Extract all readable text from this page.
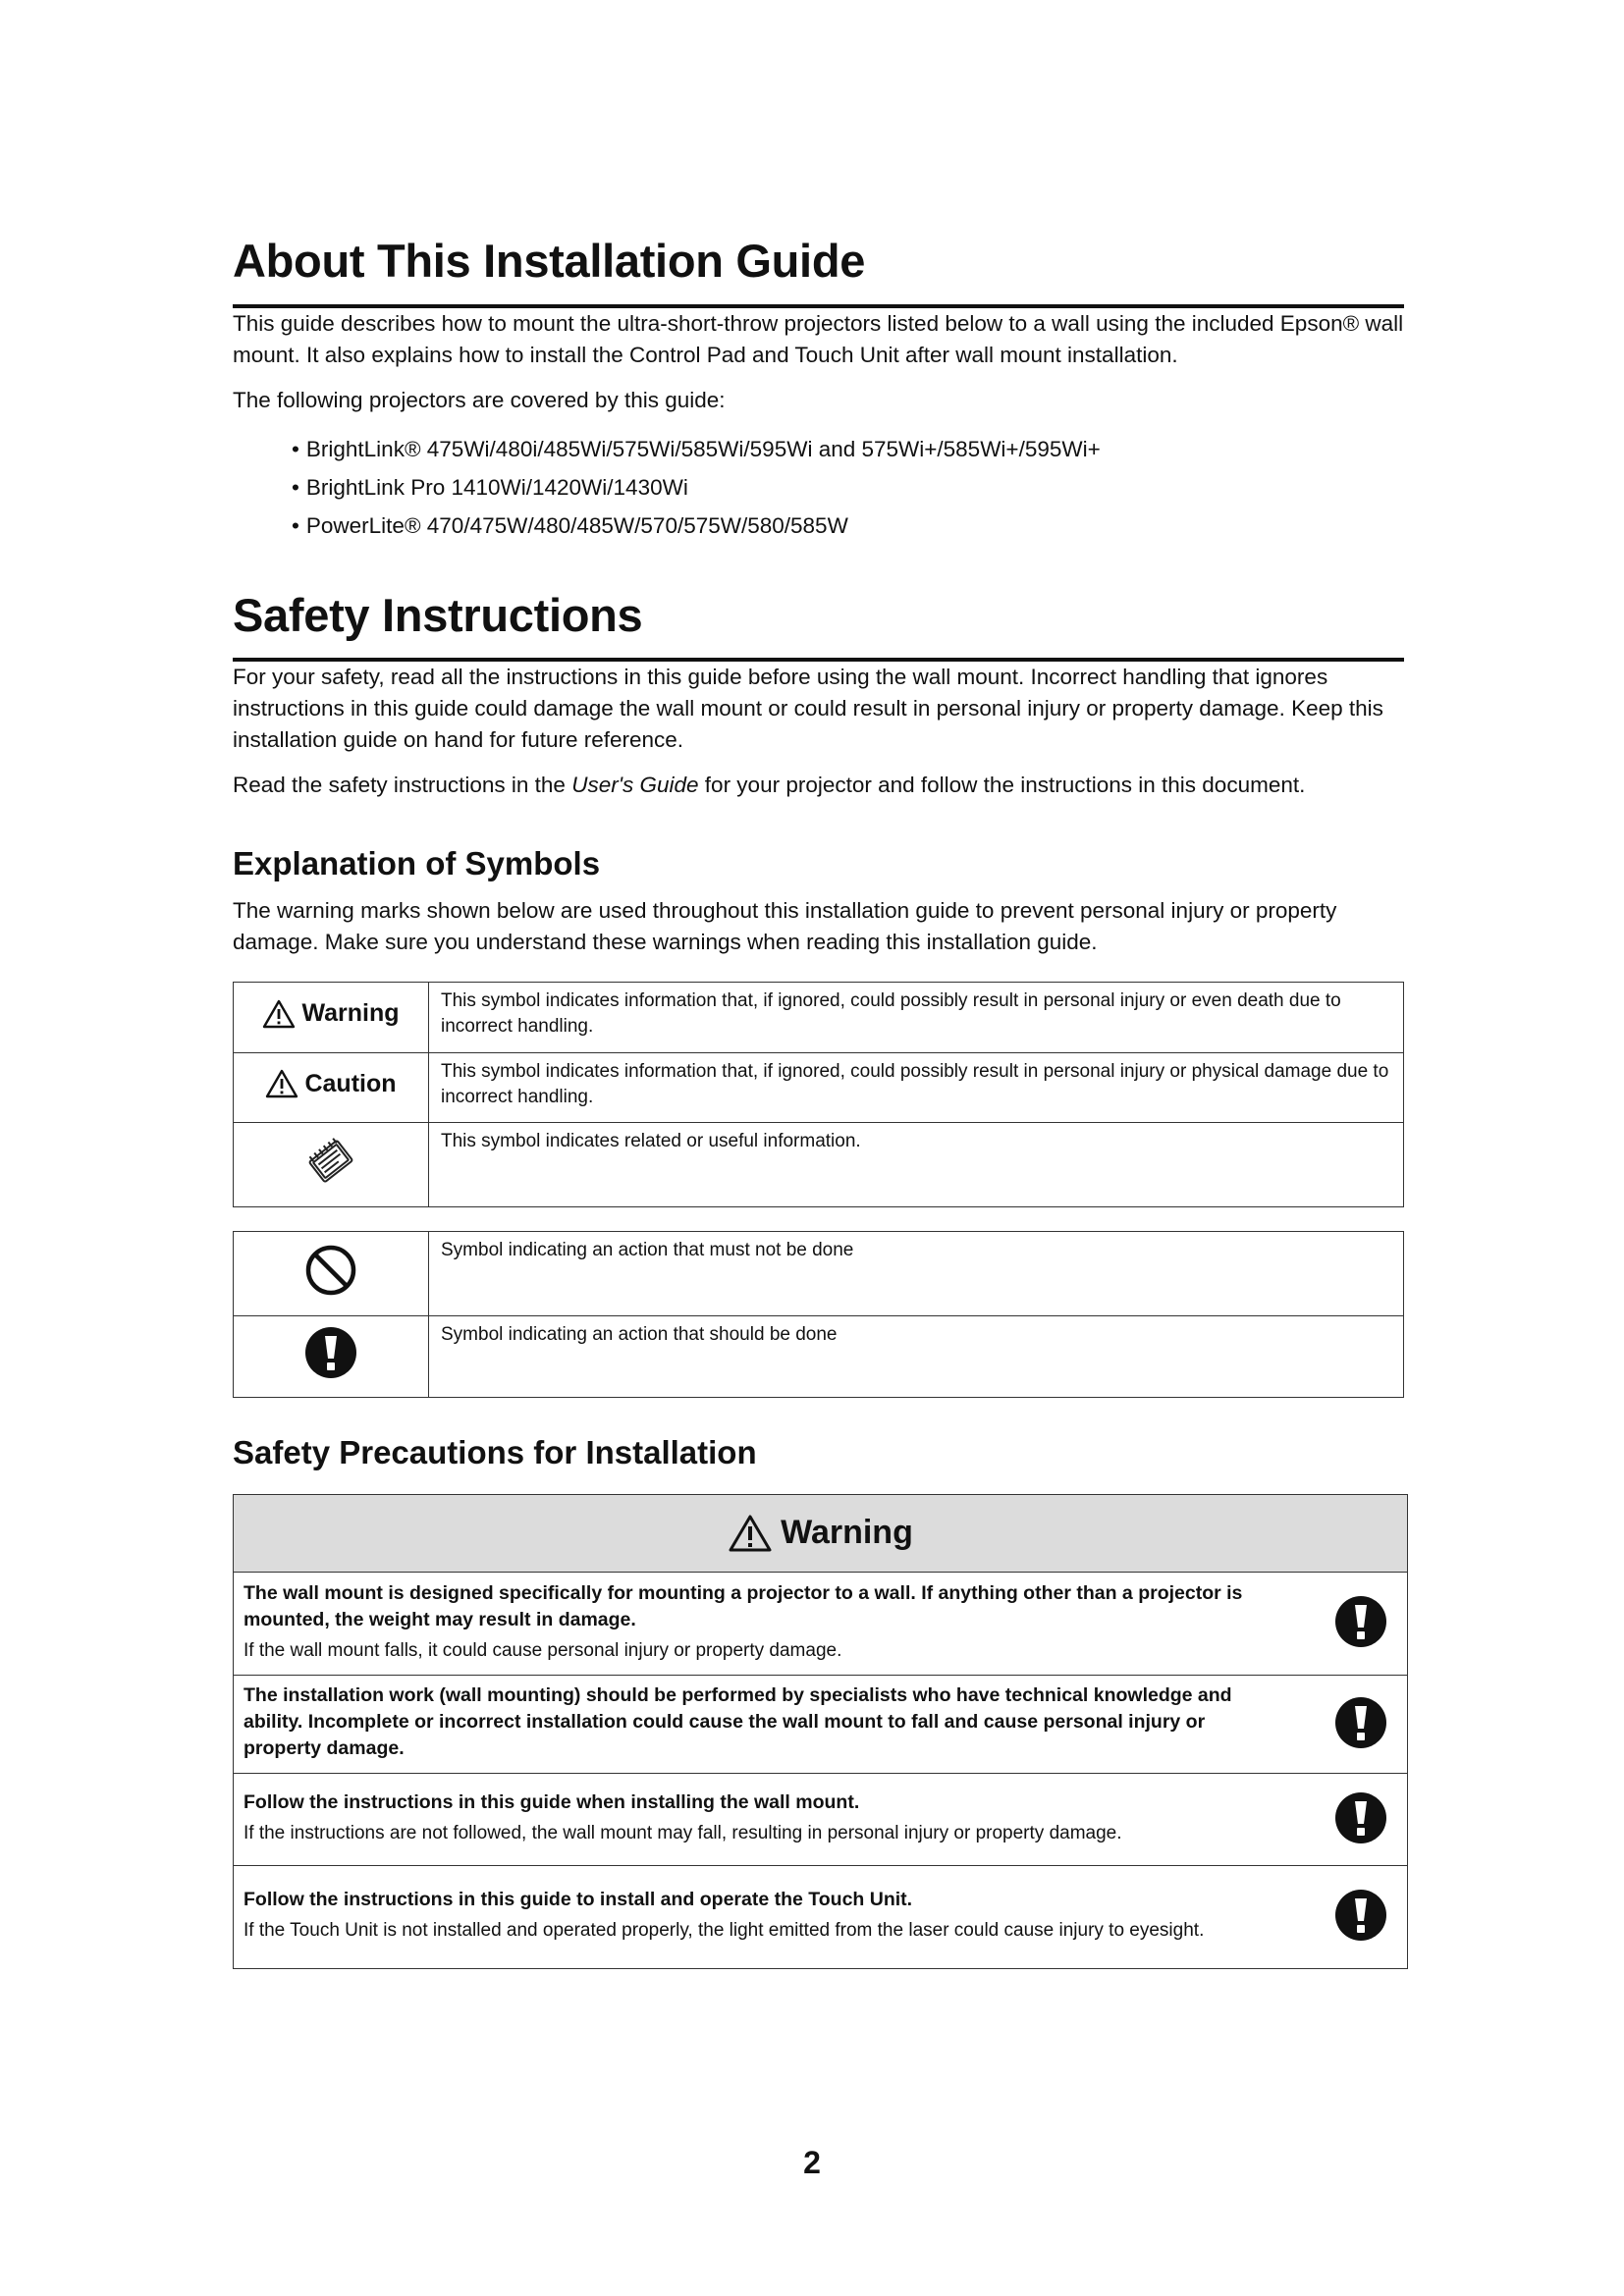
About This Installation Guide

This guide describes how to mount the ultra-short-throw projectors listed below to a wall using the included Epson® wall mount. It also explains how to install the Control Pad and Touch Unit after wall mount installation.

The following projectors are covered by this guide:

• BrightLink® 475Wi/480i/485Wi/575Wi/585Wi/595Wi and 575Wi+/585Wi+/595Wi+
• BrightLink Pro 1410Wi/1420Wi/1430Wi
• PowerLite® 470/475W/480/485W/570/575W/580/585W
Safety Instructions

For your safety, read all the instructions in this guide before using the wall mount. Incorrect handling that ignores instructions in this guide could damage the wall mount or could result in personal injury or property damage. Keep this installation guide on hand for future reference.

Read the safety instructions in the User's Guide for your projector and follow the instructions in this document.

Explanation of Symbols

The warning marks shown below are used throughout this installation guide to prevent personal injury or property damage. Make sure you understand these warnings when reading this installation guide.

Warning	This symbol indicates information that, if ignored, could possibly result in personal injury or even death due to incorrect handling.

Caution	This symbol indicates information that, if ignored, could possibly result in personal injury or physical damage due to incorrect handling.
	This symbol indicates related or useful information.
	Symbol indicating an action that must not be done
	Symbol indicating an action that should be done
Safety Precautions for Installation
Warning
The wall mount is designed specifically for mounting a projector to a wall. If anything other than a projector is mounted, the weight may result in damage.
If the wall mount falls, it could cause personal injury or property damage.
The installation work (wall mounting) should be performed by specialists who have technical knowledge and ability. Incomplete or incorrect installation could cause the wall mount to fall and cause personal injury or property damage.
Follow the instructions in this guide when installing the wall mount.
If the instructions are not followed, the wall mount may fall, resulting in personal injury or property damage.
Follow the instructions in this guide to install and operate the Touch Unit.
If the Touch Unit is not installed and operated properly, the light emitted from the laser could cause injury to eyesight.
2
